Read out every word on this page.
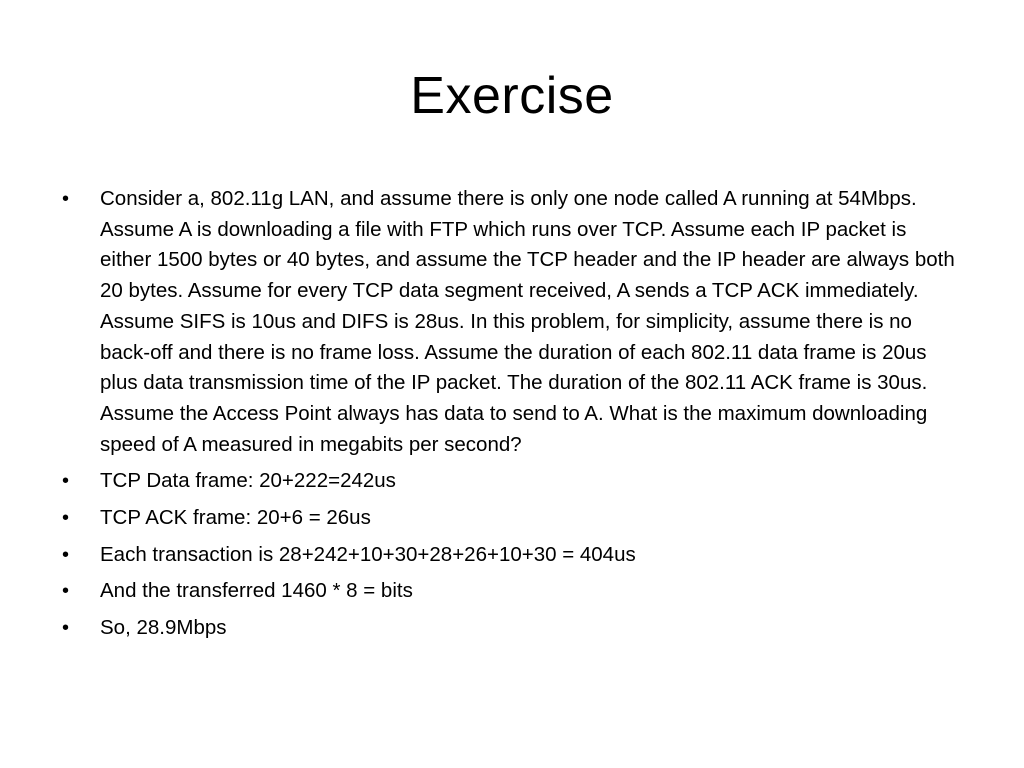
Exercise
•	Consider a, 802.11g LAN, and assume there is only one node called A running at 54Mbps. Assume A is downloading a file with FTP which runs over TCP. Assume each IP packet is either 1500 bytes or 40 bytes, and assume the TCP header and the IP header are always both 20 bytes. Assume for every TCP data segment received, A sends a TCP ACK immediately. Assume SIFS is 10us and DIFS is 28us. In this problem, for simplicity, assume there is no back-off and there is no frame loss. Assume the duration of each 802.11 data frame is 20us plus data transmission time of the IP packet. The duration of the 802.11 ACK frame is 30us. Assume the Access Point always has data to send to A. What is the maximum downloading speed of A measured in megabits per second?
•	TCP Data frame: 20+222=242us
•	TCP ACK frame: 20+6 = 26us
•	Each transaction is 28+242+10+30+28+26+10+30 = 404us
•	And the transferred 1460 * 8 = bits
•	So, 28.9Mbps
